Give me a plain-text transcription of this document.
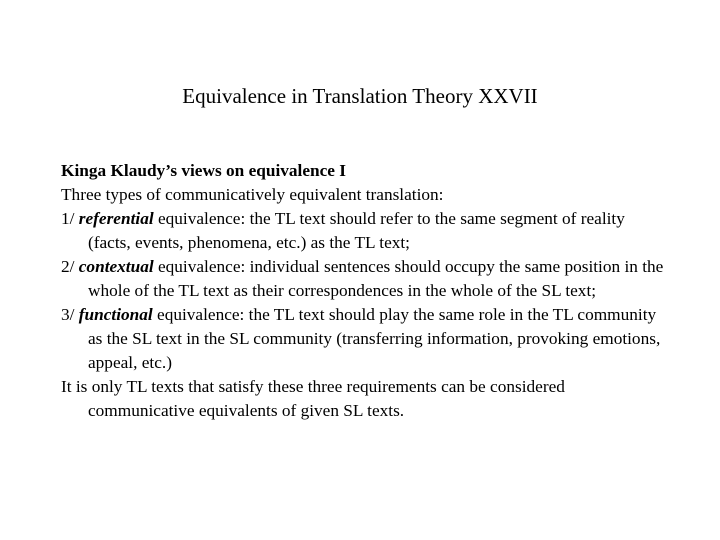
Equivalence in Translation Theory XXVII

Kinga Klaudy’s views on equivalence I

Three types of communicatively equivalent translation:

1/ referential equivalence: the TL text should refer to the same segment of reality (facts, events, phenomena, etc.) as the TL text;

2/ contextual equivalence: individual sentences should occupy the same position in the whole of the TL text as their correspondences in the whole of the SL text;

3/ functional equivalence: the TL text should play the same role in the TL community as the SL text in the SL community (transferring information, provoking emotions, appeal, etc.)

It is only TL texts that satisfy these three requirements can be considered communicative equivalents of given SL texts.
